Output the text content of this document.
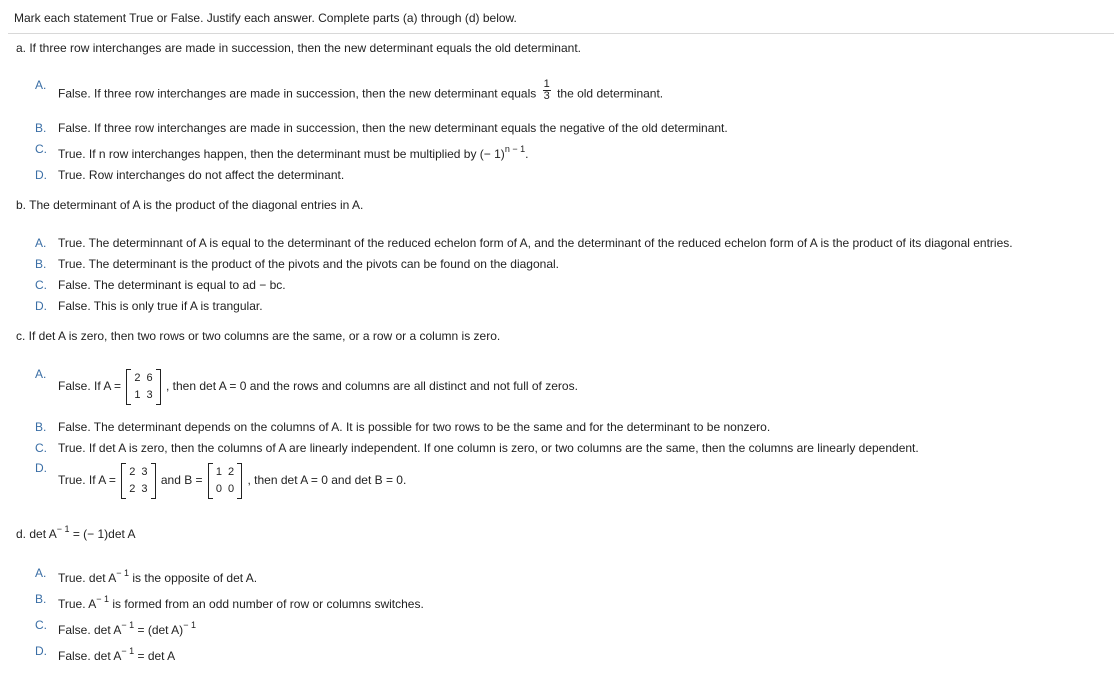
Mark each statement True or False. Justify each answer. Complete parts (a) through (d) below.
a. If three row interchanges are made in succession, then the new determinant equals the old determinant.
A.
False. If three row interchanges are made in succession, then the new determinant equals $\frac{1}{3}$ the old determinant.
B. False. If three row interchanges are made in succession, then the new determinant equals the negative of the old determinant.
C. True. If n row interchanges happen, then the determinant must be multiplied by (− 1)$^{n - 1}$.
D. True. Row interchanges do not affect the determinant.
b. The determinant of A is the product of the diagonal entries in A.
A. True. The determinnant of A is equal to the determinant of the reduced echelon form of A, and the determinant of the reduced echelon form of A is the product of its diagonal entries.
B. True. The determinant is the product of the pivots and the pivots can be found on the diagonal.
C. False. The determinant is equal to ad − bc.
D. False. This is only true if A is trangular.
c. If det A is zero, then two rows or two columns are the same, or a row or a column is zero.
A.
False. If A =
2	6
1	3
, then det A = 0 and the rows and columns are all distinct and not full of zeros.
B. False. The determinant depends on the columns of A. It is possible for two rows to be the same and for the determinant to be nonzero.
C. True. If det A is zero, then the columns of A are linearly independent. If one column is zero, or two columns are the same, then the columns are linearly dependent.
D.
True. If A =
2	3
2	3
and B =
1	2
0	0
, then det A = 0 and det B = 0.
d. $\det A^{- 1}$ = (− 1)det A
A. True. $\det A^{- 1}$ is the opposite of det A.
B. True. $A^{- 1}$ is formed from an odd number of row or columns switches.
C. False. $\det A^{- 1} = (\det$ A)$^{- 1}$
D. False. $\det A^{- 1} = \det A$
